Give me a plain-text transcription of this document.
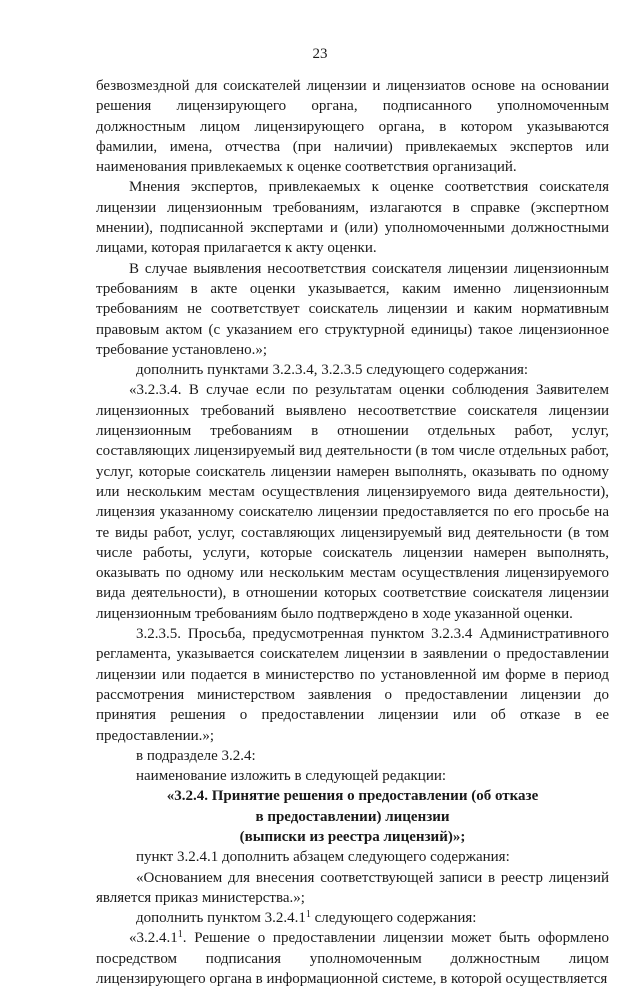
23

безвозмездной для соискателей лицензии и лицензиатов основе на основании решения лицензирующего органа, подписанного уполномоченным должностным лицом лицензирующего органа, в котором указываются фамилии, имена, отчества (при наличии) привлекаемых экспертов или наименования привлекаемых к оценке соответствия организаций.

Мнения экспертов, привлекаемых к оценке соответствия соискателя лицензии лицензионным требованиям, излагаются в справке (экспертном мнении), подписанной экспертами и (или) уполномоченными должностными лицами, которая прилагается к акту оценки.

В случае выявления несоответствия соискателя лицензии лицензионным требованиям в акте оценки указывается, каким именно лицензионным требованиям не соответствует соискатель лицензии и каким нормативным правовым актом (с указанием его структурной единицы) такое лицензионное требование установлено.»;

дополнить пунктами 3.2.3.4, 3.2.3.5 следующего содержания:

«3.2.3.4. В случае если по результатам оценки соблюдения Заявителем лицензионных требований выявлено несоответствие соискателя лицензии лицензионным требованиям в отношении отдельных работ, услуг, составляющих лицензируемый вид деятельности (в том числе отдельных работ, услуг, которые соискатель лицензии намерен выполнять, оказывать по одному или нескольким местам осуществления лицензируемого вида деятельности), лицензия указанному соискателю лицензии предоставляется по его просьбе на те виды работ, услуг, составляющих лицензируемый вид деятельности (в том числе работы, услуги, которые соискатель лицензии намерен выполнять, оказывать по одному или нескольким местам осуществления лицензируемого вида деятельности), в отношении которых соответствие соискателя лицензии лицензионным требованиям было подтверждено в ходе указанной оценки.

3.2.3.5. Просьба, предусмотренная пунктом 3.2.3.4 Административного регламента, указывается соискателем лицензии в заявлении о предоставлении лицензии или подается в министерство по установленной им форме в период рассмотрения министерством заявления о предоставлении лицензии до принятия решения о предоставлении лицензии или об отказе в ее предоставлении.»;

в подразделе 3.2.4:

наименование изложить в следующей редакции:

«3.2.4. Принятие решения о предоставлении (об отказе
в предоставлении) лицензии
(выписки из реестра лицензий)»;

пункт 3.2.4.1 дополнить абзацем следующего содержания:

«Основанием для внесения соответствующей записи в реестр лицензий является приказ министерства.»;

дополнить пунктом 3.2.4.1$^1$ следующего содержания:

«3.2.4.1$^1$. Решение о предоставлении лицензии может быть оформлено посредством подписания уполномоченным должностным лицом лицензирующего органа в информационной системе, в которой осуществляется
